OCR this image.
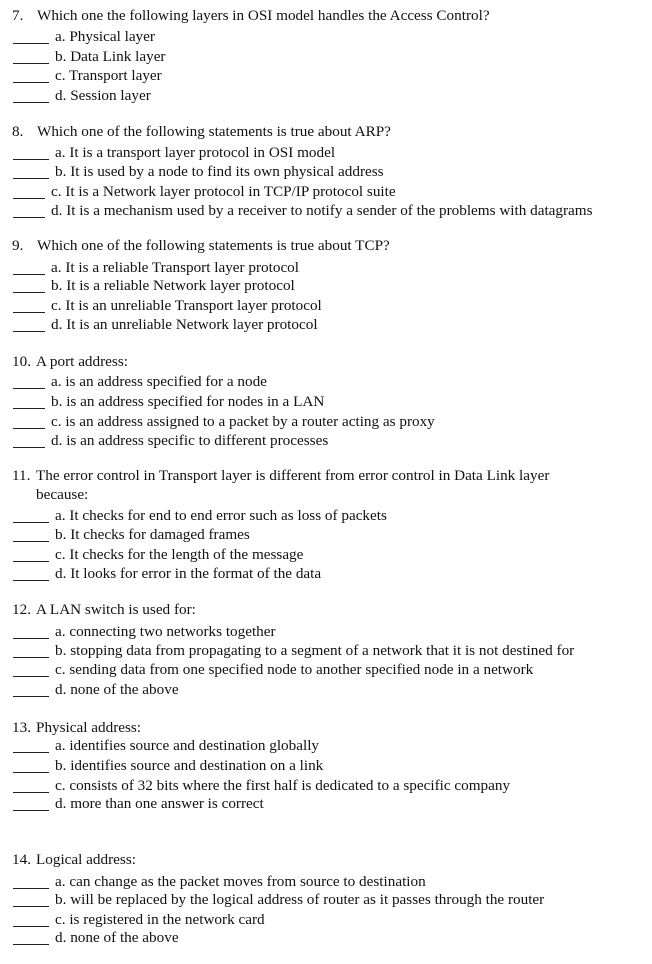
7. Which one the following layers in OSI model handles the Access Control?
a. Physical layer
b. Data Link layer
c. Transport layer
d. Session layer
8. Which one of the following statements is true about ARP?
a. It is a transport layer protocol in OSI model
b. It is used by a node to find its own physical address
c. It is a Network layer protocol in TCP/IP protocol suite
d. It is a mechanism used by a receiver to notify a sender of the problems with datagrams
9. Which one of the following statements is true about TCP?
a. It is a reliable Transport layer protocol
b. It is a reliable Network layer protocol
c. It is an unreliable Transport layer protocol
d. It is an unreliable Network layer protocol
10. A port address:
a. is an address specified for a node
b. is an address specified for nodes in a LAN
c. is an address assigned to a packet by a router acting as proxy
d. is an address specific to different processes
11. The error control in Transport layer is different from error control in Data Link layer
because:
a. It checks for end to end error such as loss of packets
b. It checks for damaged frames
c. It checks for the length of the message
d. It looks for error in the format of the data
12. A LAN switch is used for:
a. connecting two networks together
b. stopping data from propagating to a segment of a network that it is not destined for
c. sending data from one specified node to another specified node in a network
d. none of the above
13. Physical address:
a. identifies source and destination globally
b. identifies source and destination on a link
c. consists of 32 bits where the first half is dedicated to a specific company
d. more than one answer is correct
14. Logical address:
a. can change as the packet moves from source to destination
b. will be replaced by the logical address of router as it passes through the router
c. is registered in the network card
d. none of the above
